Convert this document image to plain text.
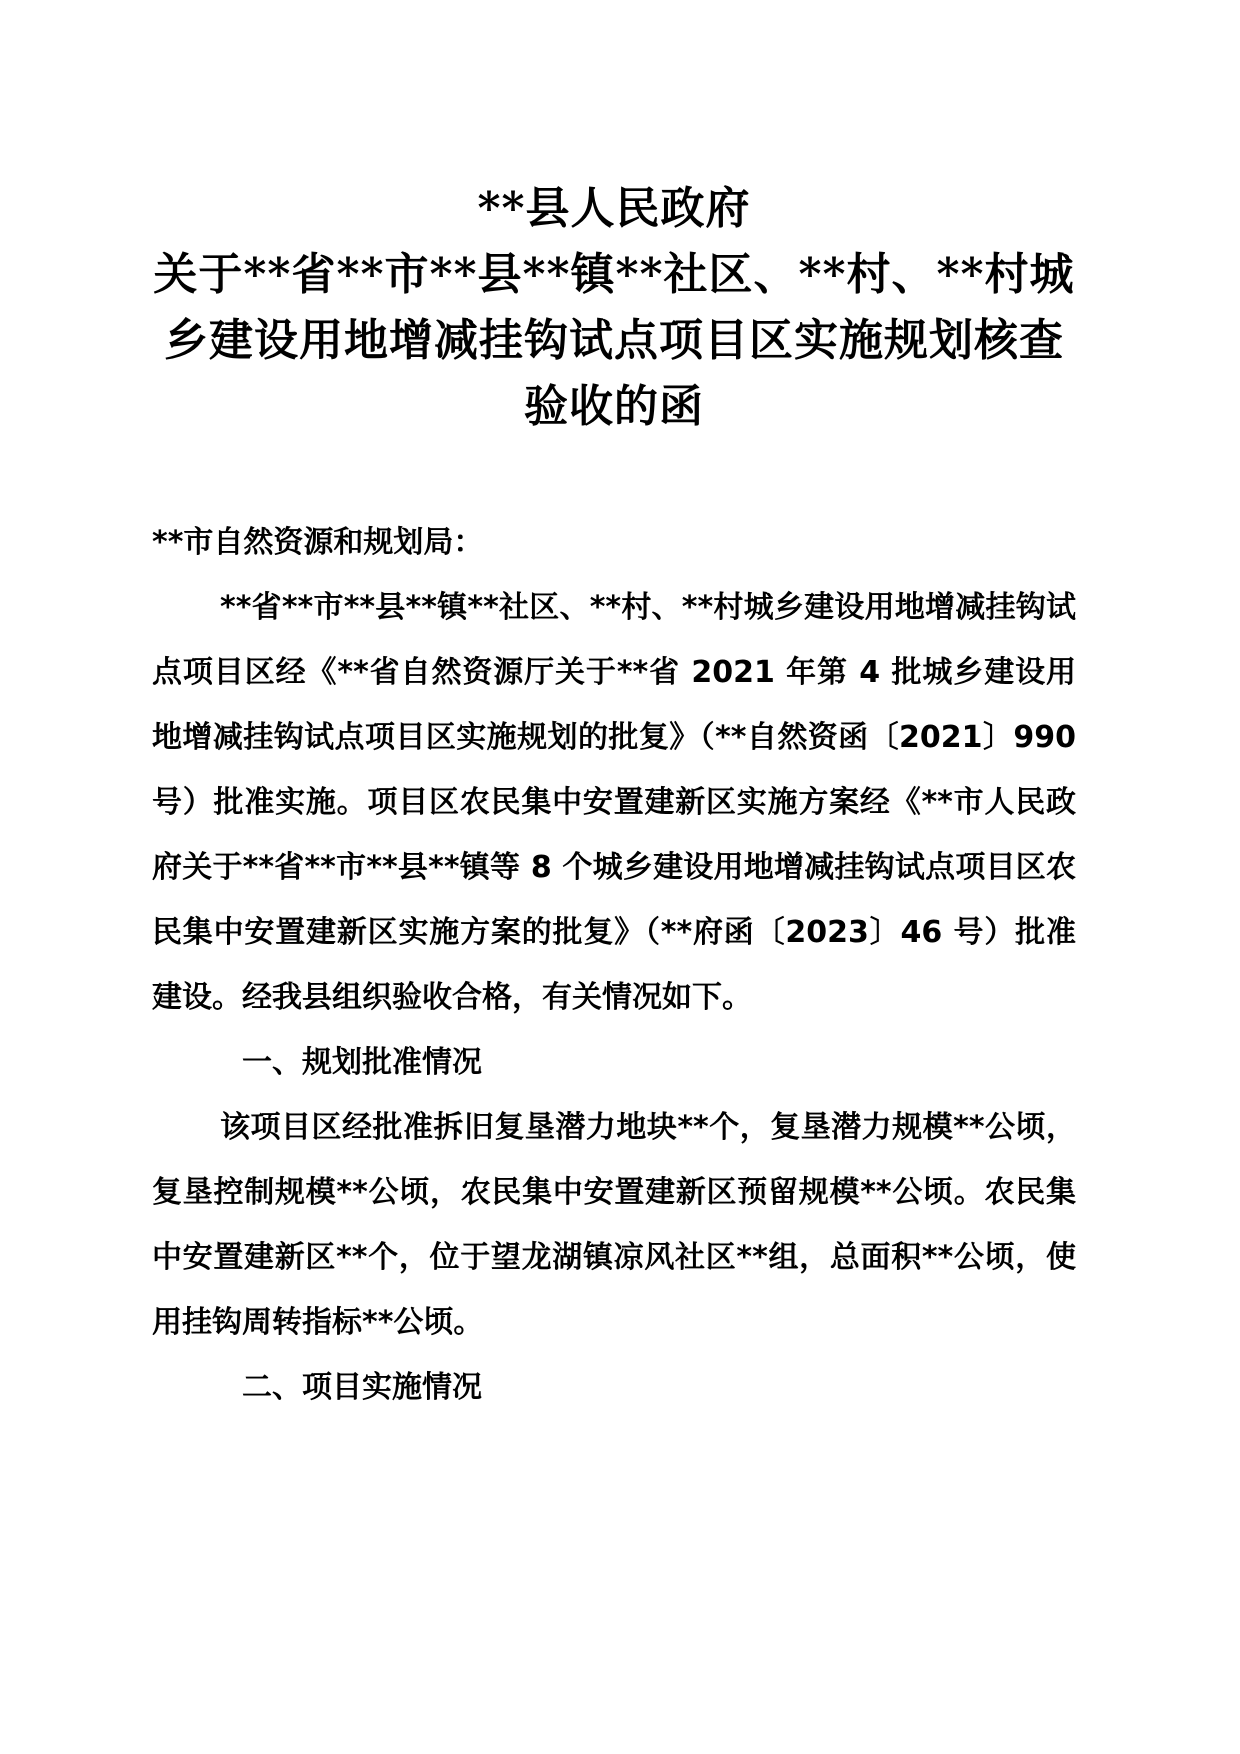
**县人民政府
关于**省**市**县**镇**社区、**村、**村城
乡建设用地增减挂钩试点项目区实施规划核查
验收的函

**市自然资源和规划局：

**省**市**县**镇**社区、**村、**村城乡建设用地增减挂钩试点项目区经《**省自然资源厅关于**省 2021 年第 4 批城乡建设用地增减挂钩试点项目区实施规划的批复》（**自然资函〔2021〕990 号）批准实施。项目区农民集中安置建新区实施方案经《**市人民政府关于**省**市**县**镇等 8 个城乡建设用地增减挂钩试点项目区农民集中安置建新区实施方案的批复》（**府函〔2023〕46 号）批准建设。经我县组织验收合格，有关情况如下。

一、规划批准情况

该项目区经批准拆旧复垦潜力地块**个，复垦潜力规模**公顷，复垦控制规模**公顷，农民集中安置建新区预留规模**公顷。农民集中安置建新区**个，位于望龙湖镇凉风社区**组，总面积**公顷，使用挂钩周转指标**公顷。

二、项目实施情况
